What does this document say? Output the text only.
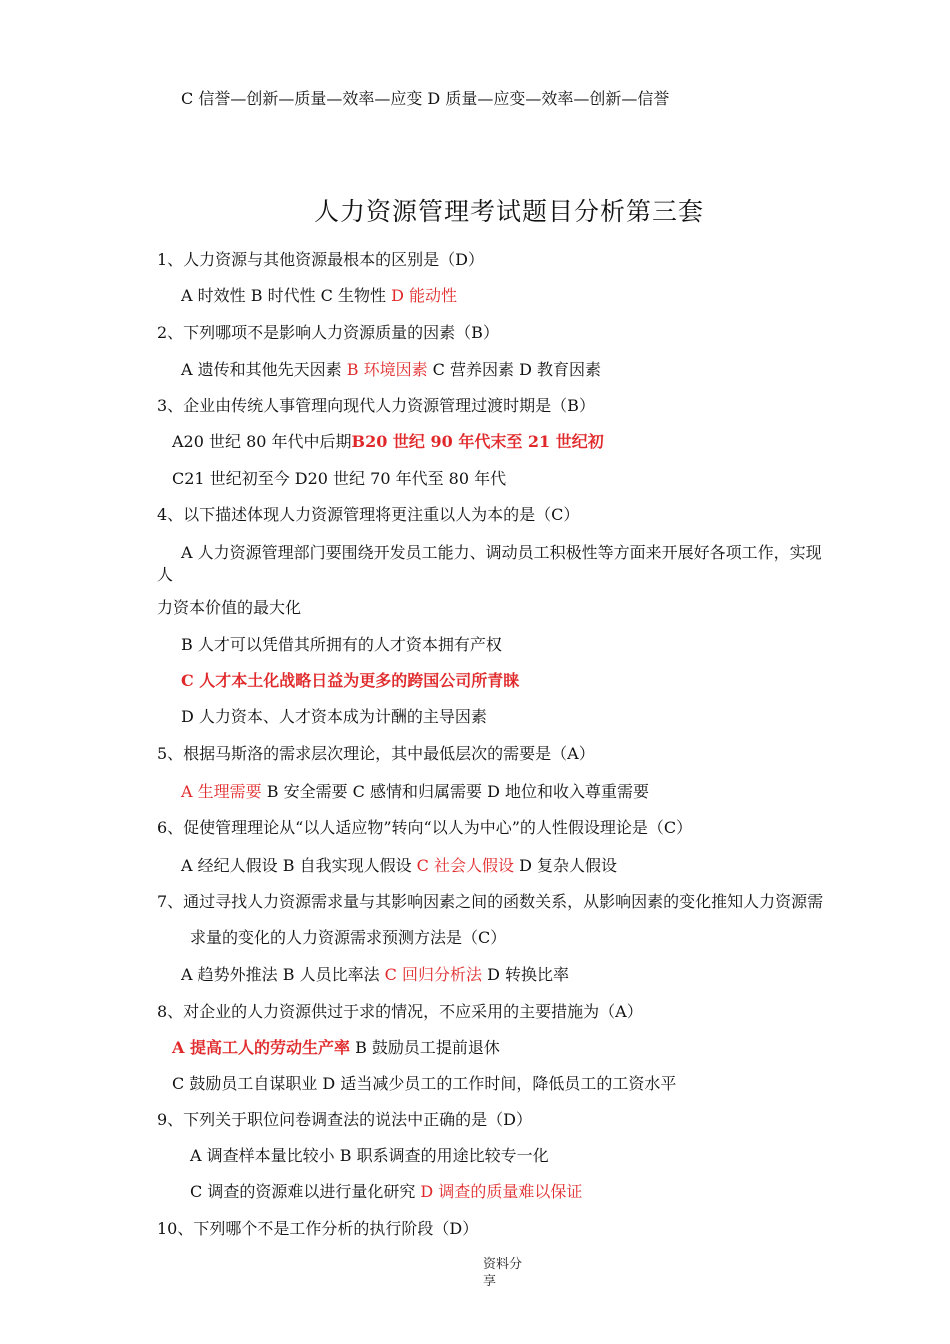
C 信誉—创新—质量—效率—应变 D 质量—应变—效率—创新—信誉
人力资源管理考试题目分析第三套
1、人力资源与其他资源最根本的区别是（D）
A 时效性 B 时代性 C 生物性 D 能动性
2、下列哪项不是影响人力资源质量的因素（B）
A 遗传和其他先天因素 B 环境因素 C 营养因素 D 教育因素
3、企业由传统人事管理向现代人力资源管理过渡时期是（B）
A20 世纪 80 年代中后期B20 世纪 90 年代末至 21 世纪初
C21 世纪初至今 D20 世纪 70 年代至 80 年代
4、以下描述体现人力资源管理将更注重以人为本的是（C）
A 人力资源管理部门要围绕开发员工能力、调动员工积极性等方面来开展好各项工作，实现
人
力资本价值的最大化
B 人才可以凭借其所拥有的人才资本拥有产权
C 人才本土化战略日益为更多的跨国公司所青睐
D 人力资本、人才资本成为计酬的主导因素
5、根据马斯洛的需求层次理论，其中最低层次的需要是（A）
A 生理需要 B 安全需要 C 感情和归属需要 D 地位和收入尊重需要
6、促使管理理论从“以人适应物”转向“以人为中心”的人性假设理论是（C）
A 经纪人假设 B 自我实现人假设 C 社会人假设 D 复杂人假设
7、通过寻找人力资源需求量与其影响因素之间的函数关系，从影响因素的变化推知人力资源需
求量的变化的人力资源需求预测方法是（C）
A 趋势外推法 B 人员比率法 C 回归分析法 D 转换比率
8、对企业的人力资源供过于求的情况，不应采用的主要措施为（A）
A 提高工人的劳动生产率 B 鼓励员工提前退休
C 鼓励员工自谋职业 D 适当减少员工的工作时间，降低员工的工资水平
9、下列关于职位问卷调查法的说法中正确的是（D）
A 调查样本量比较小 B 职系调查的用途比较专一化
C 调查的资源难以进行量化研究 D 调查的质量难以保证
10、下列哪个不是工作分析的执行阶段（D）
资料分享
